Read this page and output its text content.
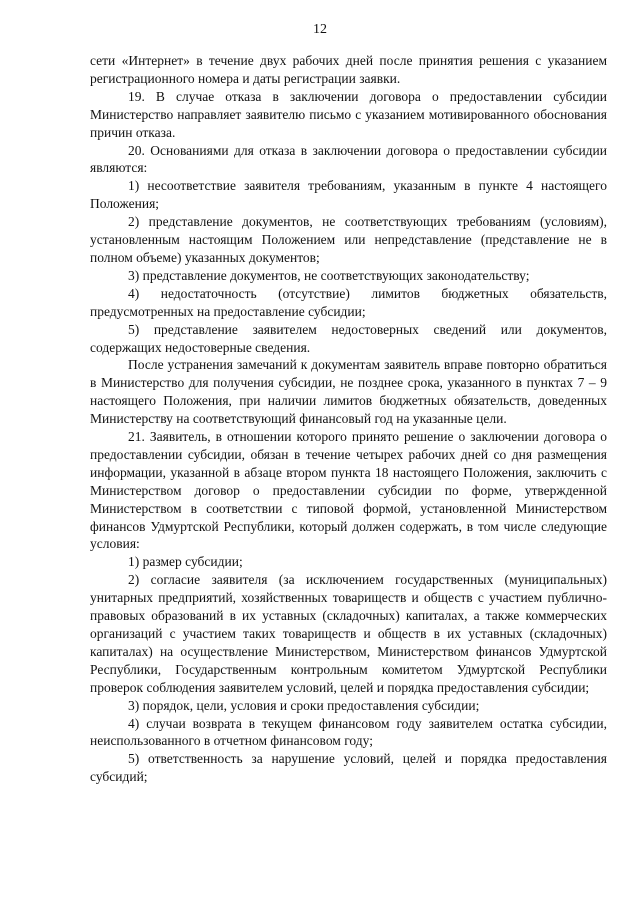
12

сети «Интернет» в течение двух рабочих дней после принятия решения с указанием регистрационного номера и даты регистрации заявки.

19. В случае отказа в заключении договора о предоставлении субсидии Министерство направляет заявителю письмо с указанием мотивированного обоснования причин отказа.

20. Основаниями для отказа в заключении договора о предоставлении субсидии являются:

1) несоответствие заявителя требованиям, указанным в пункте 4 настоящего Положения;

2) представление документов, не соответствующих требованиям (условиям), установленным настоящим Положением или непредставление (представление не в полном объеме) указанных документов;

3) представление документов, не соответствующих законодательству;

4) недостаточность (отсутствие) лимитов бюджетных обязательств, предусмотренных на предоставление субсидии;

5) представление заявителем недостоверных сведений или документов, содержащих недостоверные сведения.

После устранения замечаний к документам заявитель вправе повторно обратиться в Министерство для получения субсидии, не позднее срока, указанного в пунктах 7 – 9 настоящего Положения, при наличии лимитов бюджетных обязательств, доведенных Министерству на соответствующий финансовый год на указанные цели.

21. Заявитель, в отношении которого принято решение о заключении договора о предоставлении субсидии, обязан в течение четырех рабочих дней со дня размещения информации, указанной в абзаце втором пункта 18 настоящего Положения, заключить с Министерством договор о предоставлении субсидии по форме, утвержденной Министерством в соответствии с типовой формой, установленной Министерством финансов Удмуртской Республики, который должен содержать, в том числе следующие условия:

1) размер субсидии;

2) согласие заявителя (за исключением государственных (муниципальных) унитарных предприятий, хозяйственных товариществ и обществ с участием публично-правовых образований в их уставных (складочных) капиталах, а также коммерческих организаций с участием таких товариществ и обществ в их уставных (складочных) капиталах) на осуществление Министерством, Министерством финансов Удмуртской Республики, Государственным контрольным комитетом Удмуртской Республики проверок соблюдения заявителем условий, целей и порядка предоставления субсидии;

3) порядок, цели, условия и сроки предоставления субсидии;

4) случаи возврата в текущем финансовом году заявителем остатка субсидии, неиспользованного в отчетном финансовом году;

5) ответственность за нарушение условий, целей и порядка предоставления субсидий;
